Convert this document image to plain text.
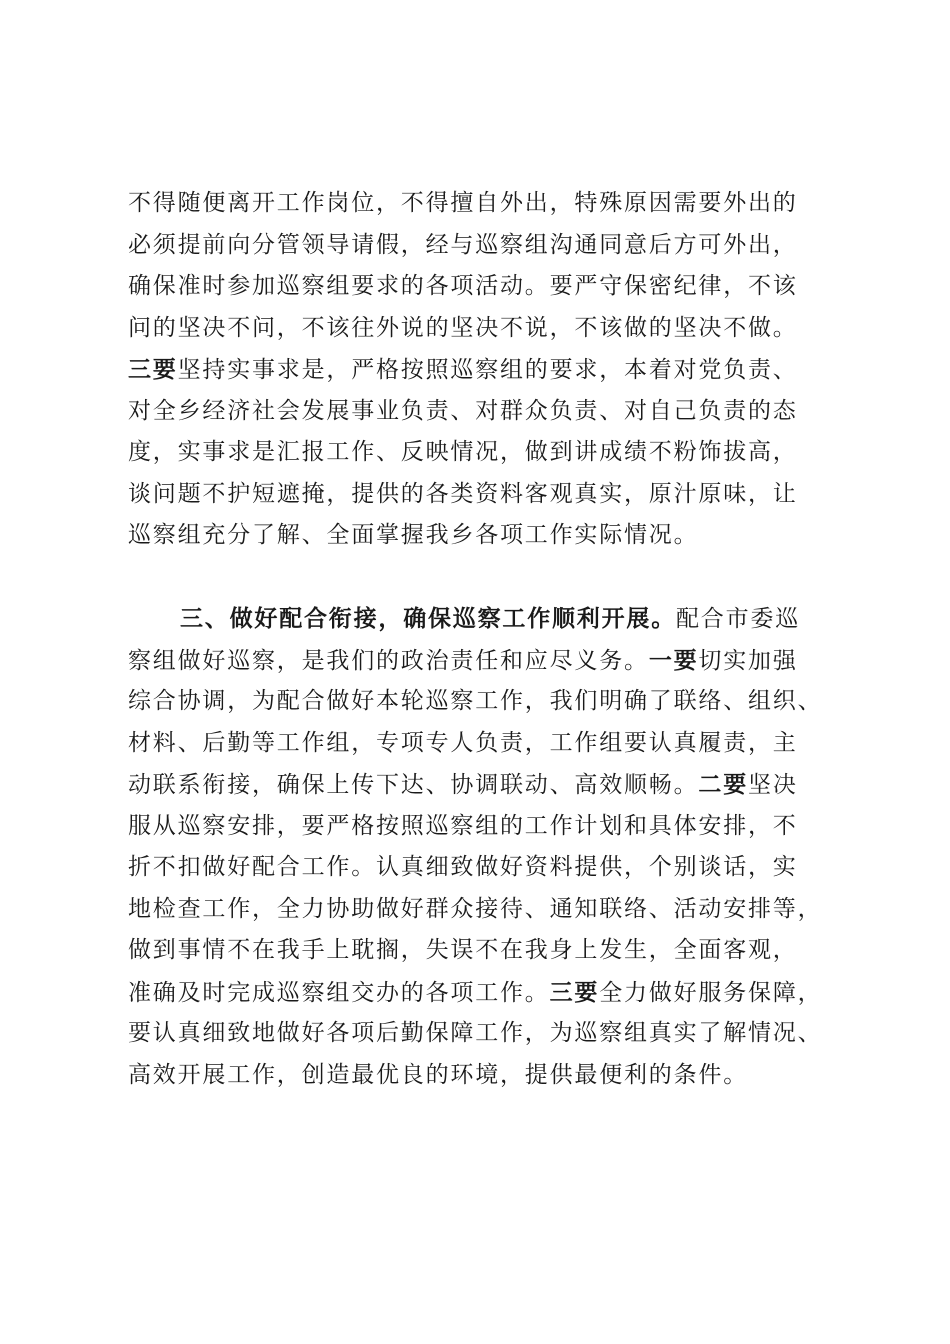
不得随便离开工作岗位，不得擅自外出，特殊原因需要外出的
必须提前向分管领导请假，经与巡察组沟通同意后方可外出，
确保准时参加巡察组要求的各项活动。要严守保密纪律，不该
问的坚决不问，不该往外说的坚决不说，不该做的坚决不做。
三要坚持实事求是，严格按照巡察组的要求，本着对党负责、
对全乡经济社会发展事业负责、对群众负责、对自己负责的态
度，实事求是汇报工作、反映情况，做到讲成绩不粉饰拔高，
谈问题不护短遮掩，提供的各类资料客观真实，原汁原味，让
巡察组充分了解、全面掌握我乡各项工作实际情况。
三、做好配合衔接，确保巡察工作顺利开展。配合市委巡
察组做好巡察，是我们的政治责任和应尽义务。一要切实加强
综合协调，为配合做好本轮巡察工作，我们明确了联络、组织、
材料、后勤等工作组，专项专人负责，工作组要认真履责，主
动联系衔接，确保上传下达、协调联动、高效顺畅。二要坚决
服从巡察安排，要严格按照巡察组的工作计划和具体安排，不
折不扣做好配合工作。认真细致做好资料提供，个别谈话，实
地检查工作，全力协助做好群众接待、通知联络、活动安排等，
做到事情不在我手上耽搁，失误不在我身上发生，全面客观，
准确及时完成巡察组交办的各项工作。三要全力做好服务保障，
要认真细致地做好各项后勤保障工作，为巡察组真实了解情况、
高效开展工作，创造最优良的环境，提供最便利的条件。
